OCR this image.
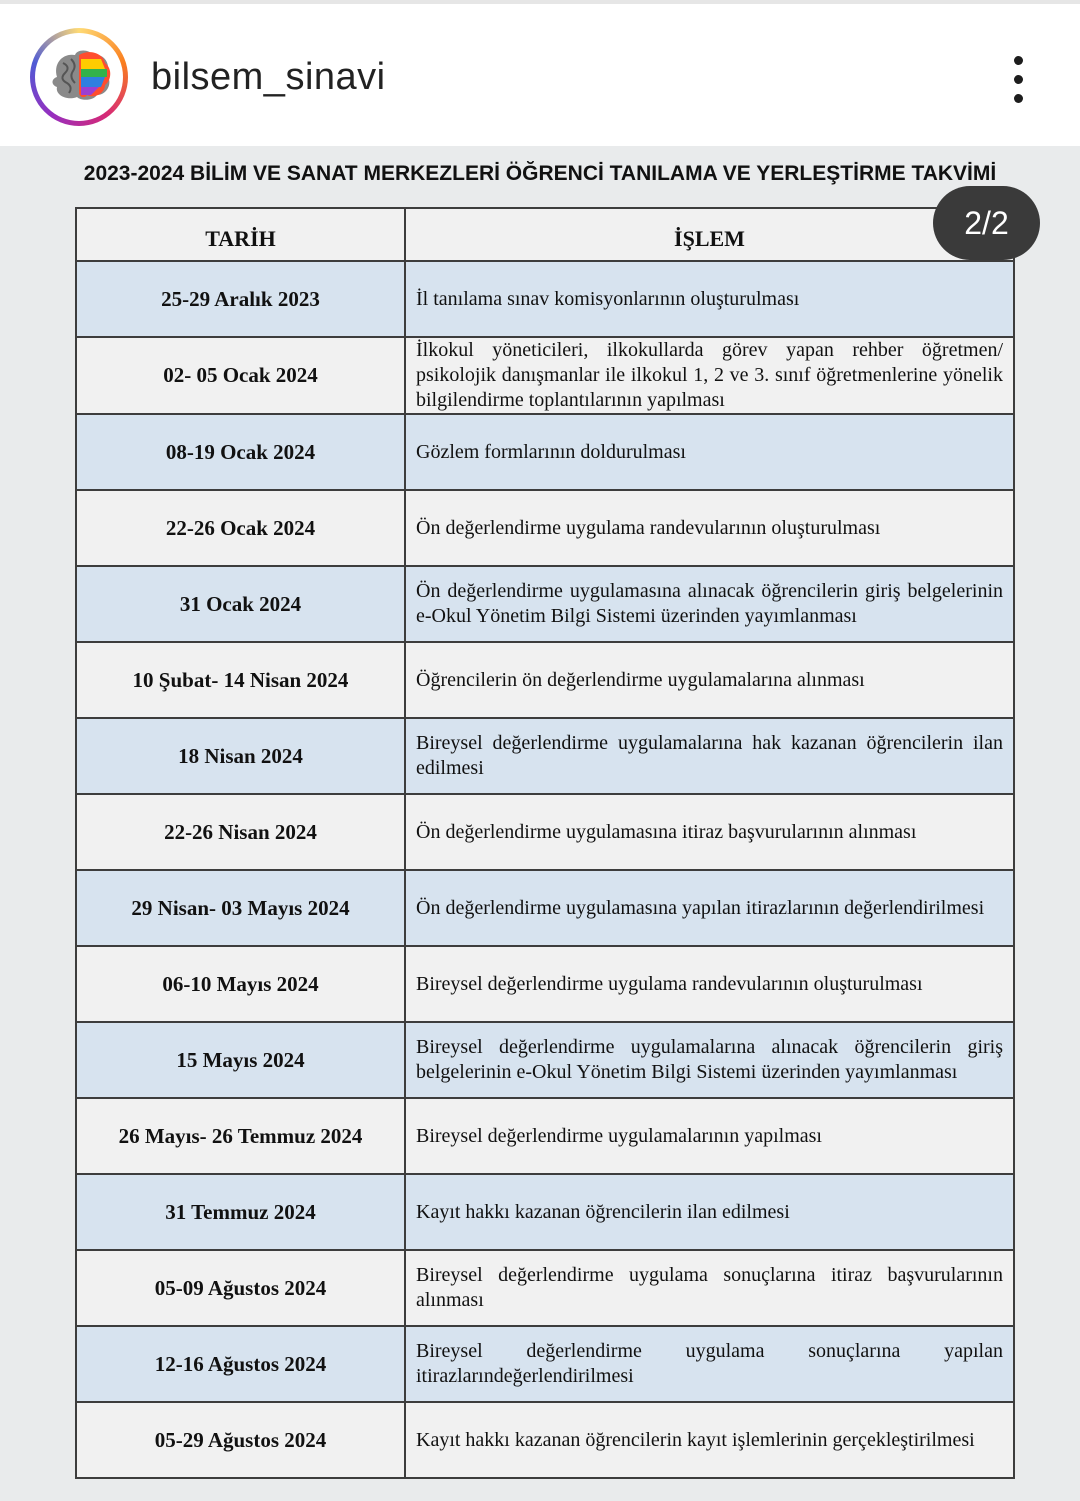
bilsem_sinavi
2023-2024 BİLİM VE SANAT MERKEZLERİ ÖĞRENCİ TANILAMA VE YERLEŞTİRME TAKVİMİ
TARİH	İŞLEM
25-29 Aralık 2023	İl tanılama sınav komisyonlarının oluşturulması
02- 05 Ocak 2024	İlkokul yöneticileri, ilkokullarda görev yapan rehber öğretmen/ psikolojik danışmanlar ile ilkokul 1, 2 ve 3. sınıf öğretmenlerine yönelik bilgilendirme toplantılarının yapılması
08-19 Ocak 2024	Gözlem formlarının doldurulması
22-26 Ocak 2024	Ön değerlendirme uygulama randevularının oluşturulması
31 Ocak 2024	Ön değerlendirme uygulamasına alınacak öğrencilerin giriş belgelerinin e-Okul Yönetim Bilgi Sistemi üzerinden yayımlanması
10 Şubat- 14 Nisan 2024	Öğrencilerin ön değerlendirme uygulamalarına alınması
18 Nisan 2024	Bireysel değerlendirme uygulamalarına hak kazanan öğrencilerin ilan edilmesi
22-26 Nisan 2024	Ön değerlendirme uygulamasına itiraz başvurularının alınması
29 Nisan- 03 Mayıs 2024	Ön değerlendirme uygulamasına yapılan itirazlarının değerlendirilmesi
06-10 Mayıs 2024	Bireysel değerlendirme uygulama randevularının oluşturulması
15 Mayıs 2024	Bireysel değerlendirme uygulamalarına alınacak öğrencilerin giriş belgelerinin e-Okul Yönetim Bilgi Sistemi üzerinden yayımlanması
26 Mayıs- 26 Temmuz 2024	Bireysel değerlendirme uygulamalarının yapılması
31 Temmuz 2024	Kayıt hakkı kazanan öğrencilerin ilan edilmesi
05-09 Ağustos 2024	Bireysel değerlendirme uygulama sonuçlarına itiraz başvurularının alınması
12-16 Ağustos 2024	Bireysel değerlendirme uygulama sonuçlarına yapılan itirazlarındeğerlendirilmesi
05-29 Ağustos 2024	Kayıt hakkı kazanan öğrencilerin kayıt işlemlerinin gerçekleştirilmesi
2/2
